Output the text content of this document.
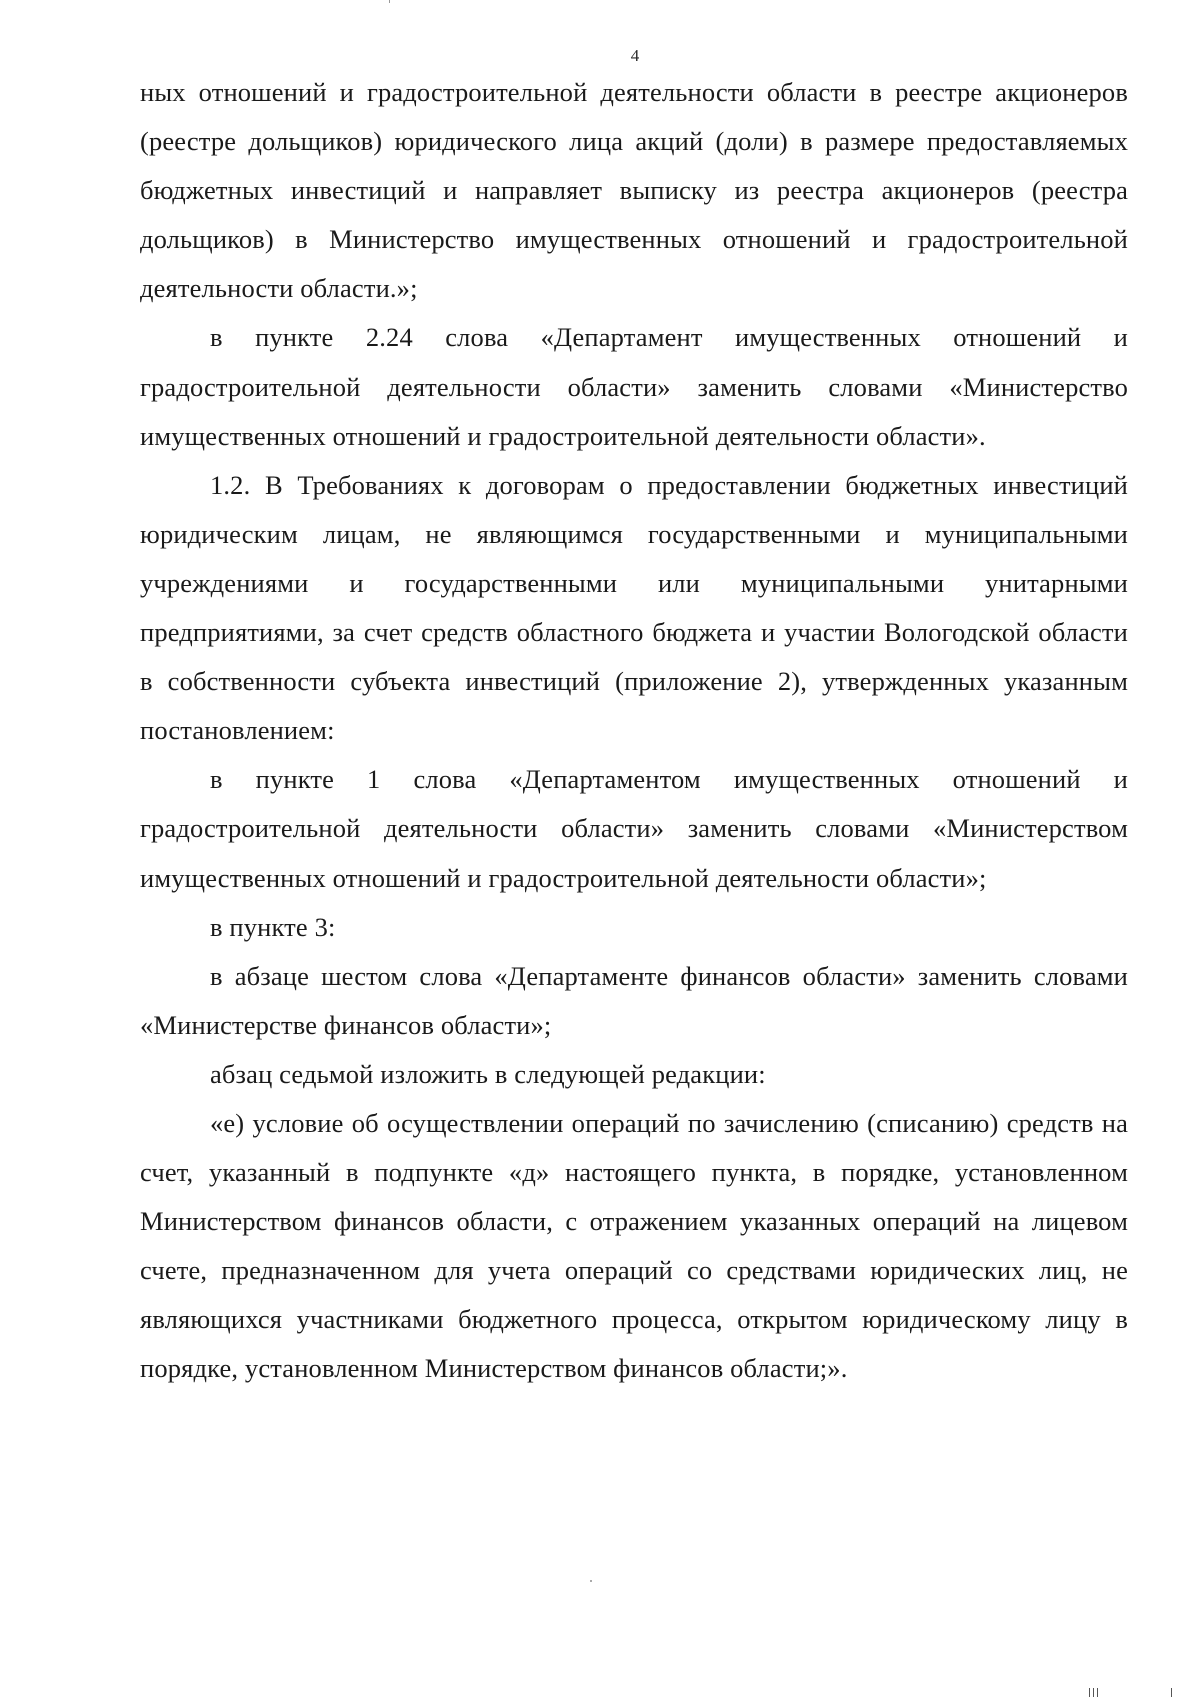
4

ных отношений и градостроительной деятельности области в реестре акционеров (реестре дольщиков) юридического лица акций (доли) в размере предоставляемых бюджетных инвестиций и направляет выписку из реестра акционеров (реестра дольщиков) в Министерство имущественных отношений и градостроительной деятельности области.»;

в пункте 2.24 слова «Департамент имущественных отношений и градостроительной деятельности области» заменить словами «Министерство имущественных отношений и градостроительной деятельности области».

1.2. В Требованиях к договорам о предоставлении бюджетных инвестиций юридическим лицам, не являющимся государственными и муниципальными учреждениями и государственными или муниципальными унитарными предприятиями, за счет средств областного бюджета и участии Вологодской области в собственности субъекта инвестиций (приложение 2), утвержденных указанным постановлением:

в пункте 1 слова «Департаментом имущественных отношений и градостроительной деятельности области» заменить словами «Министерством имущественных отношений и градостроительной деятельности области»;

в пункте 3:

в абзаце шестом слова «Департаменте финансов области» заменить словами «Министерстве финансов области»;

абзац седьмой изложить в следующей редакции:

«е) условие об осуществлении операций по зачислению (списанию) средств на счет, указанный в подпункте «д» настоящего пункта, в порядке, установленном Министерством финансов области, с отражением указанных операций на лицевом счете, предназначенном для учета операций со средствами юридических лиц, не являющихся участниками бюджетного процесса, открытом юридическому лицу в порядке, установленном Министерством финансов области;».
